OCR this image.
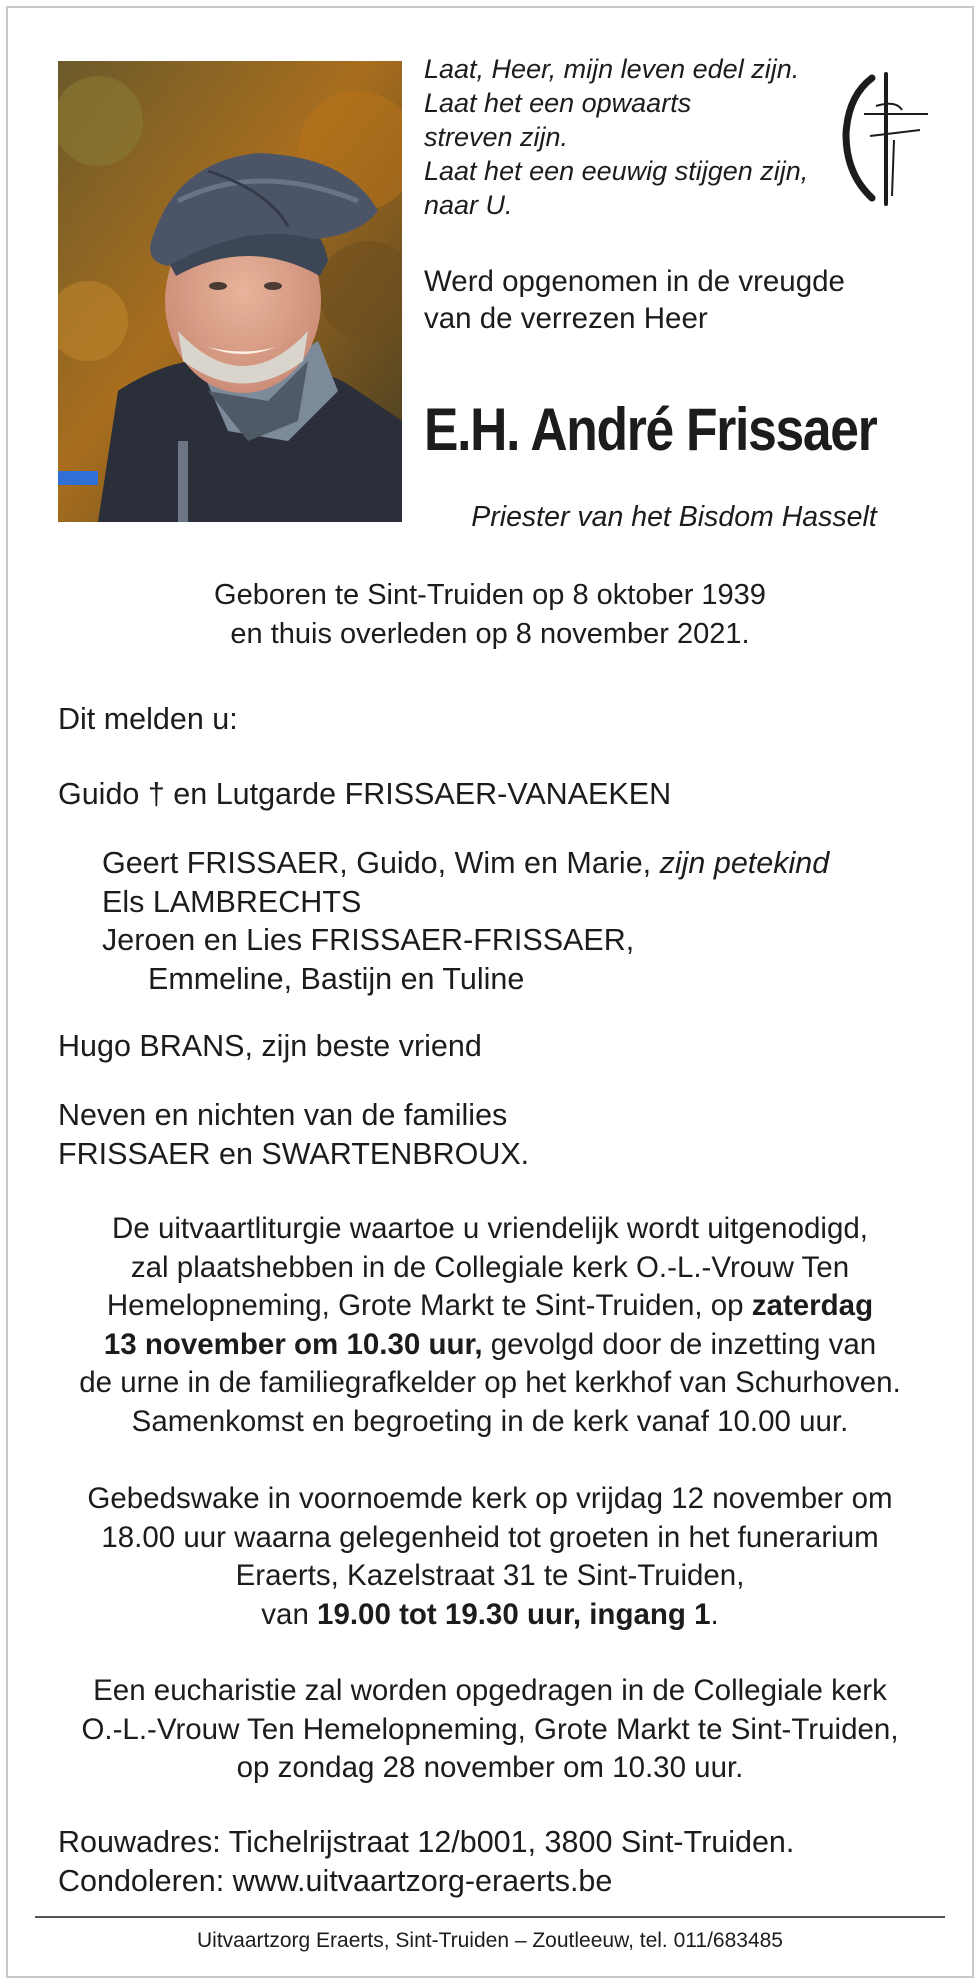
Laat, Heer, mijn leven edel zijn.
Laat het een opwaarts
streven zijn.
Laat het een eeuwig stijgen zijn,
naar U.
Werd opgenomen in de vreugde
van de verrezen Heer
E.H. André Frissaer
Priester van het Bisdom Hasselt
Geboren te Sint-Truiden op 8 oktober 1939
en thuis overleden op 8 november 2021.
Dit melden u:
Guido † en Lutgarde FRISSAER-VANAEKEN
Geert FRISSAER, Guido, Wim en Marie, zijn petekind
Els LAMBRECHTS
Jeroen en Lies FRISSAER-FRISSAER,
Emmeline, Bastijn en Tuline
Hugo BRANS, zijn beste vriend
Neven en nichten van de families
FRISSAER en SWARTENBROUX.
De uitvaartliturgie waartoe u vriendelijk wordt uitgenodigd,
zal plaatshebben in de Collegiale kerk O.-L.-Vrouw Ten
Hemelopneming, Grote Markt te Sint-Truiden, op zaterdag
13 november om 10.30 uur, gevolgd door de inzetting van
de urne in de familiegrafkelder op het kerkhof van Schurhoven.
Samenkomst en begroeting in de kerk vanaf 10.00 uur.
Gebedswake in voornoemde kerk op vrijdag 12 november om
18.00 uur waarna gelegenheid tot groeten in het funerarium
Eraerts, Kazelstraat 31 te Sint-Truiden,
van 19.00 tot 19.30 uur, ingang 1.
Een eucharistie zal worden opgedragen in de Collegiale kerk
O.-L.-Vrouw Ten Hemelopneming, Grote Markt te Sint-Truiden,
op zondag 28 november om 10.30 uur.
Rouwadres: Tichelrijstraat 12/b001, 3800 Sint-Truiden.
Condoleren: www.uitvaartzorg-eraerts.be
Uitvaartzorg Eraerts, Sint-Truiden – Zoutleeuw, tel. 011/683485
